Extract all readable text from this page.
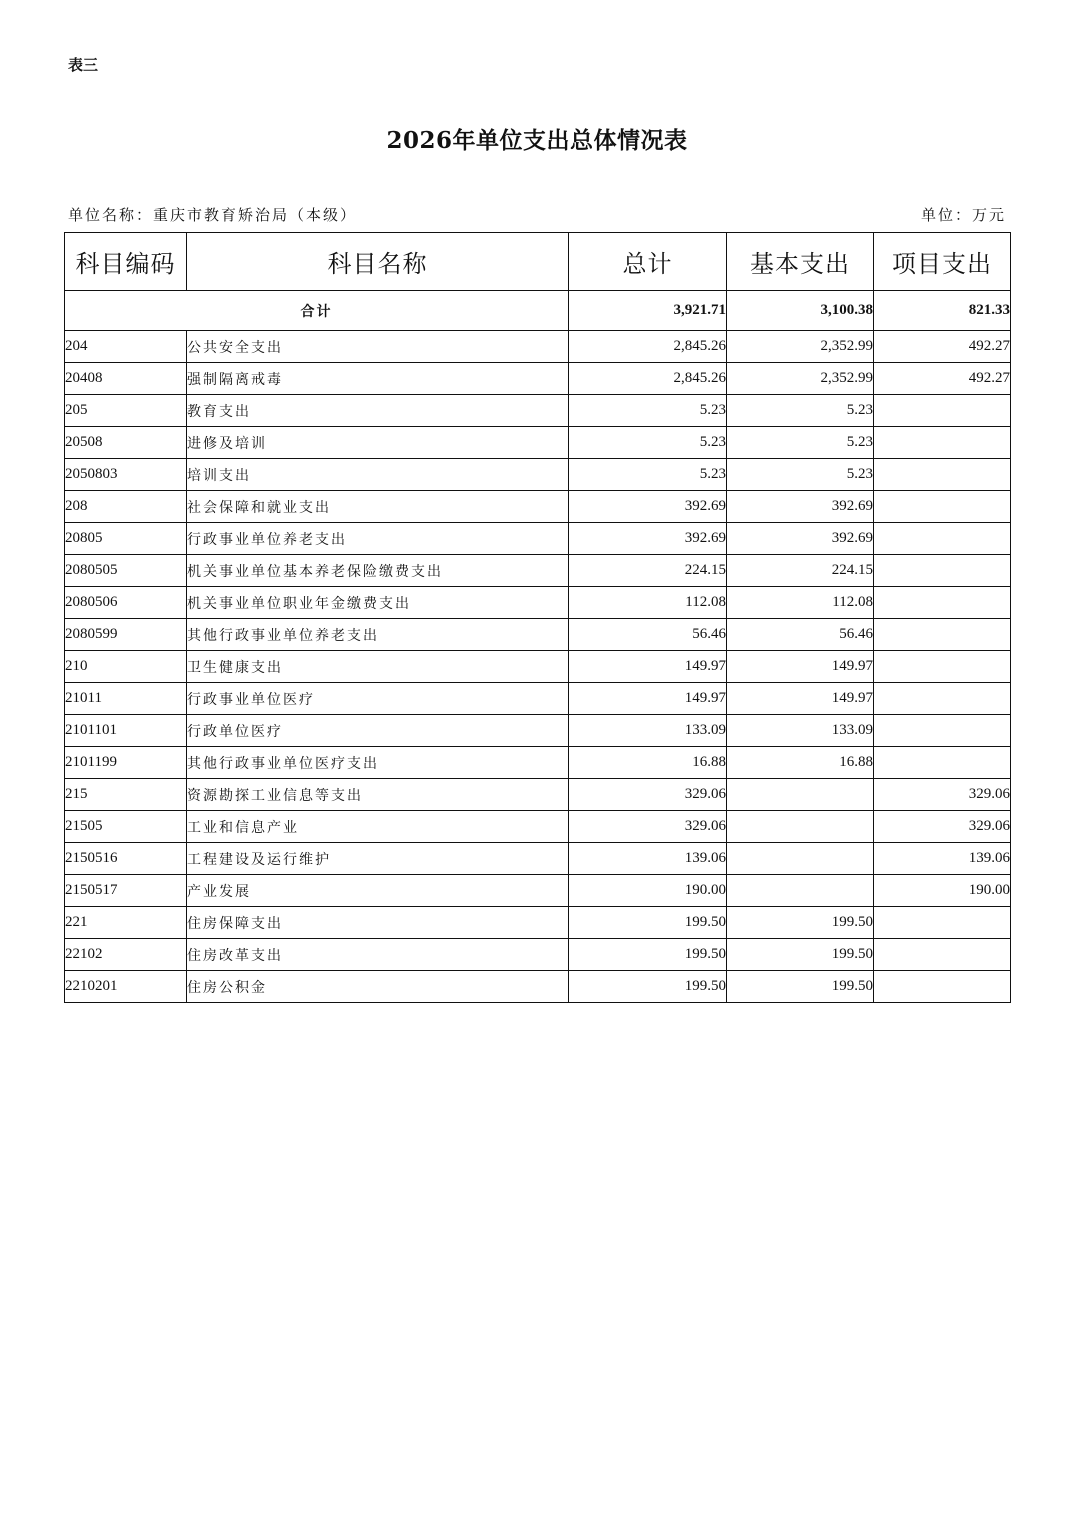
表三
2026年单位支出总体情况表
单位名称：重庆市教育矫治局（本级）	单位：万元
科目编码	科目名称	总计	基本支出	项目支出
合计		3,921.71	3,100.38	821.33
204	公共安全支出	2,845.26	2,352.99	492.27
20408	强制隔离戒毒	2,845.26	2,352.99	492.27
205	教育支出	5.23	5.23	
20508	进修及培训	5.23	5.23	
2050803	培训支出	5.23	5.23	
208	社会保障和就业支出	392.69	392.69	
20805	行政事业单位养老支出	392.69	392.69	
2080505	机关事业单位基本养老保险缴费支出	224.15	224.15	
2080506	机关事业单位职业年金缴费支出	112.08	112.08	
2080599	其他行政事业单位养老支出	56.46	56.46	
210	卫生健康支出	149.97	149.97	
21011	行政事业单位医疗	149.97	149.97	
2101101	行政单位医疗	133.09	133.09	
2101199	其他行政事业单位医疗支出	16.88	16.88	
215	资源勘探工业信息等支出	329.06		329.06
21505	工业和信息产业	329.06		329.06
2150516	工程建设及运行维护	139.06		139.06
2150517	产业发展	190.00		190.00
221	住房保障支出	199.50	199.50	
22102	住房改革支出	199.50	199.50	
2210201	住房公积金	199.50	199.50	
